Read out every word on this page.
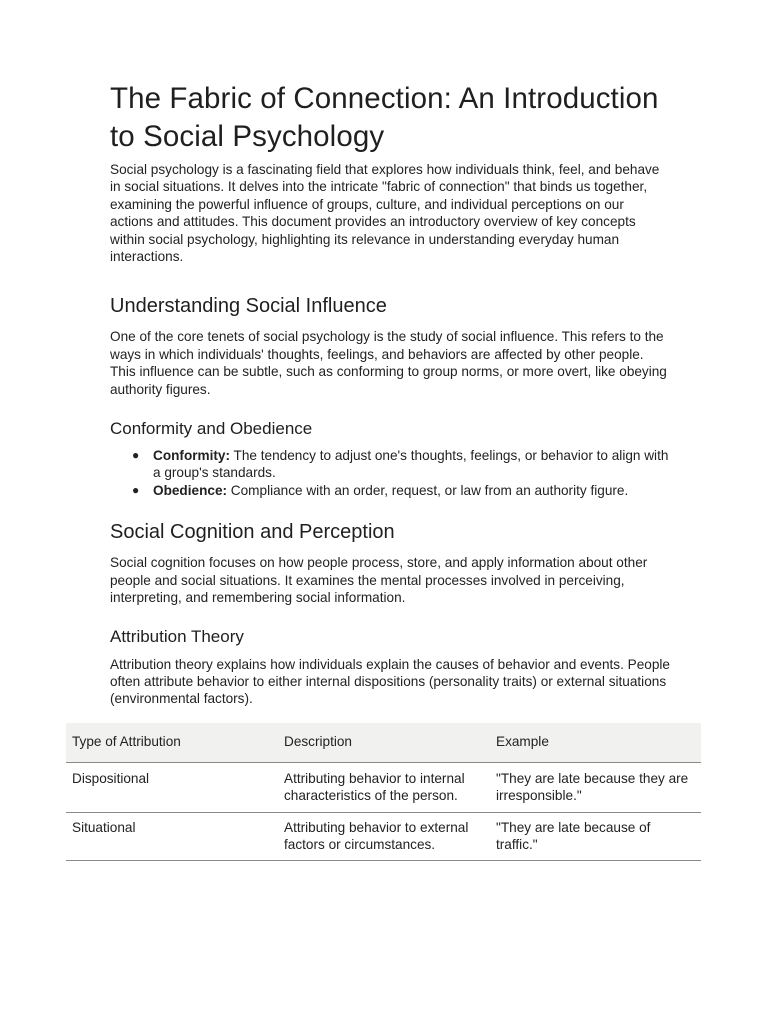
The Fabric of Connection: An Introduction to Social Psychology

Social psychology is a fascinating field that explores how individuals think, feel, and behave in social situations. It delves into the intricate "fabric of connection" that binds us together, examining the powerful influence of groups, culture, and individual perceptions on our actions and attitudes. This document provides an introductory overview of key concepts within social psychology, highlighting its relevance in understanding everyday human interactions.

Understanding Social Influence

One of the core tenets of social psychology is the study of social influence. This refers to the ways in which individuals' thoughts, feelings, and behaviors are affected by other people. This influence can be subtle, such as conforming to group norms, or more overt, like obeying authority figures.

Conformity and Obedience
● Conformity: The tendency to adjust one's thoughts, feelings, or behavior to align with a group's standards.
● Obedience: Compliance with an order, request, or law from an authority figure.
Social Cognition and Perception

Social cognition focuses on how people process, store, and apply information about other people and social situations. It examines the mental processes involved in perceiving, interpreting, and remembering social information.

Attribution Theory

Attribution theory explains how individuals explain the causes of behavior and events. People often attribute behavior to either internal dispositions (personality traits) or external situations (environmental factors).

Type of Attribution	Description	Example
Dispositional	Attributing behavior to internal characteristics of the person.	"They are late because they are irresponsible."
Situational	Attributing behavior to external factors or circumstances.	"They are late because of traffic."
